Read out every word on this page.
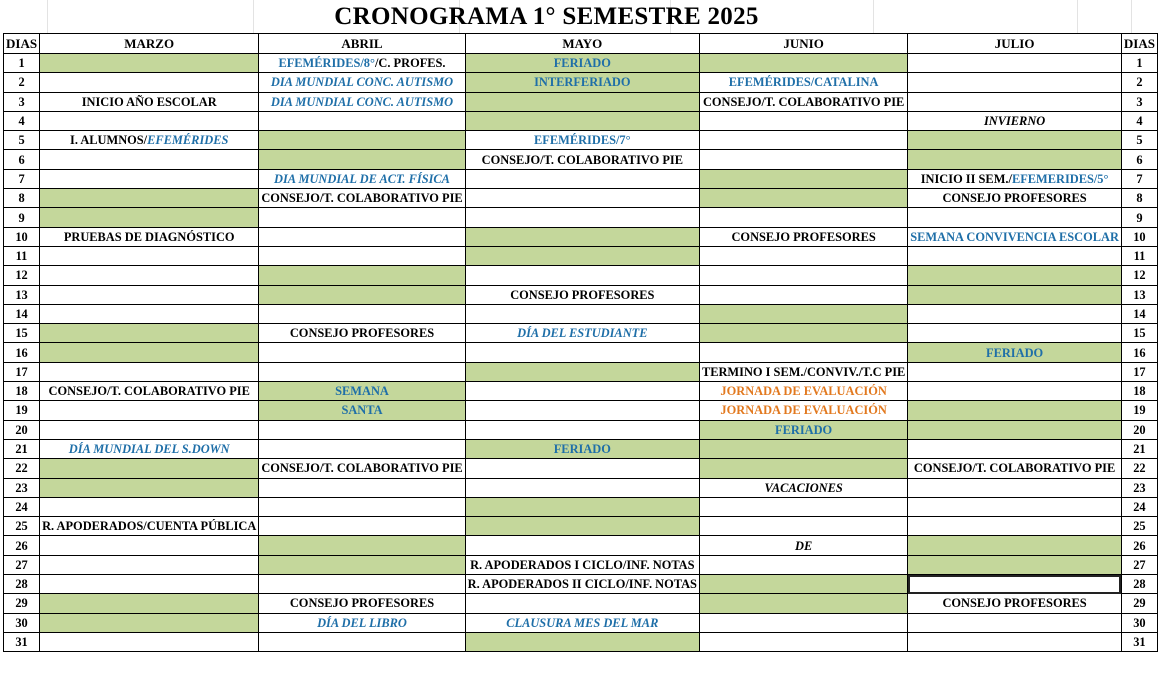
CRONOGRAMA 1° SEMESTRE 2025
DIAS	MARZO	ABRIL	MAYO	JUNIO	JULIO	DIAS
1		EFEMÉRIDES/8°/C. PROFES.	FERIADO			1
2		DIA MUNDIAL CONC. AUTISMO	INTERFERIADO	EFEMÉRIDES/CATALINA		2
3	INICIO AÑO ESCOLAR	DIA MUNDIAL CONC. AUTISMO		CONSEJO/T. COLABORATIVO PIE		3
4					INVIERNO	4
5	I. ALUMNOS/EFEMÉRIDES		EFEMÉRIDES/7°			5
6			CONSEJO/T. COLABORATIVO PIE			6
7		DIA MUNDIAL DE ACT. FÍSICA			INICIO II SEM./EFEMERIDES/5°	7
8		CONSEJO/T. COLABORATIVO PIE			CONSEJO PROFESORES	8
9						9
10	PRUEBAS DE DIAGNÓSTICO			CONSEJO PROFESORES	SEMANA CONVIVENCIA ESCOLAR	10
11						11
12						12
13			CONSEJO PROFESORES			13
14						14
15		CONSEJO PROFESORES	DÍA DEL ESTUDIANTE			15
16					FERIADO	16
17				TERMINO I SEM./CONVIV./T.C PIE		17
18	CONSEJO/T. COLABORATIVO PIE	SEMANA		JORNADA DE EVALUACIÓN		18
19		SANTA		JORNADA DE EVALUACIÓN		19
20				FERIADO		20
21	DÍA MUNDIAL DEL S.DOWN		FERIADO			21
22		CONSEJO/T. COLABORATIVO PIE			CONSEJO/T. COLABORATIVO PIE	22
23				VACACIONES		23
24						24
25	R. APODERADOS/CUENTA PÚBLICA					25
26				DE		26
27			R. APODERADOS I CICLO/INF. NOTAS			27
28			R. APODERADOS II CICLO/INF. NOTAS			28
29		CONSEJO PROFESORES			CONSEJO PROFESORES	29
30		DÍA DEL LIBRO	CLAUSURA MES DEL MAR			30
31						31
